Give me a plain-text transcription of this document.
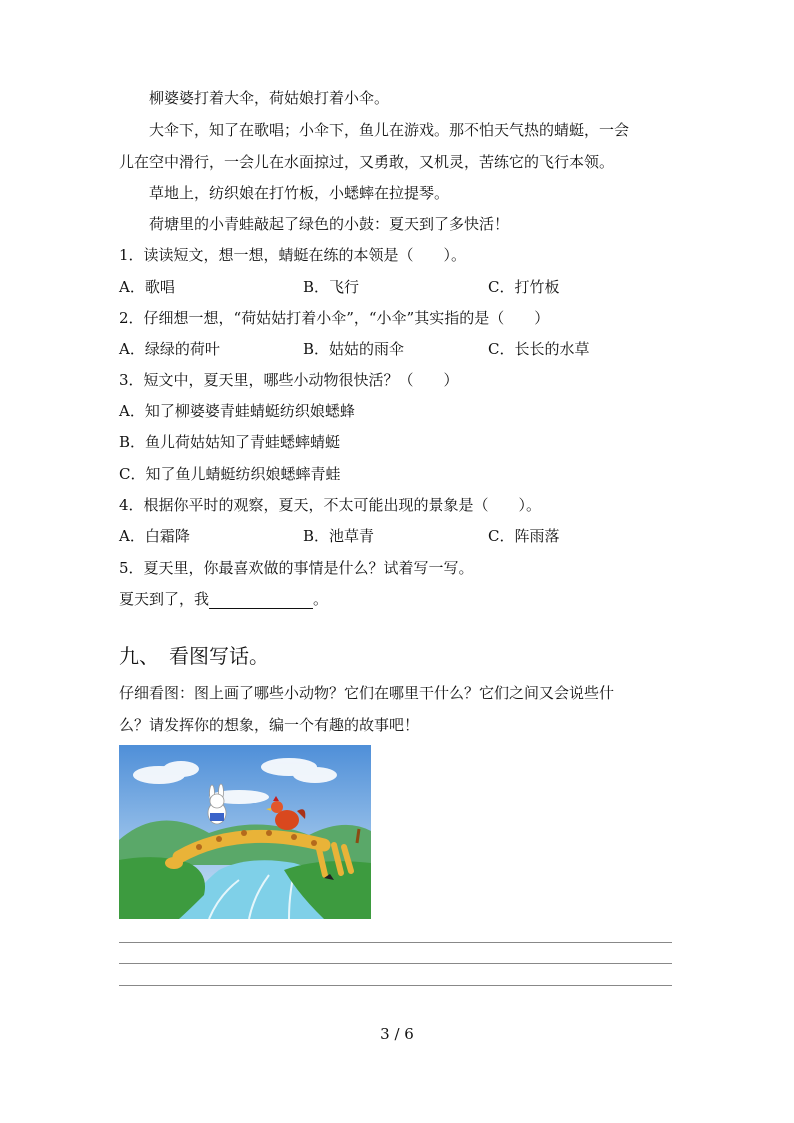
柳婆婆打着大伞，荷姑娘打着小伞。
大伞下，知了在歌唱；小伞下，鱼儿在游戏。那不怕天气热的蜻蜓，一会
儿在空中滑行，一会儿在水面掠过，又勇敢，又机灵，苦练它的飞行本领。
草地上，纺织娘在打竹板，小蟋蟀在拉提琴。
荷塘里的小青蛙敲起了绿色的小鼓：夏天到了多快活！
1．读读短文，想一想，蜻蜓在练的本领是（　　）。
A．歌唱	B．飞行	C．打竹板
2．仔细想一想，“荷姑姑打着小伞”，“小伞”其实指的是（　　）
A．绿绿的荷叶	B．姑姑的雨伞	C．长长的水草
3．短文中，夏天里，哪些小动物很快活？（　　）
A．知了柳婆婆青蛙蜻蜓纺织娘蟋蜂
B．鱼儿荷姑姑知了青蛙蟋蟀蜻蜓
C．知了鱼儿蜻蜓纺织娘蟋蟀青蛙
4．根据你平时的观察，夏天，不太可能出现的景象是（　　）。
A．白霜降	B．池草青	C．阵雨落
5．夏天里，你最喜欢做的事情是什么？试着写一写。
夏天到了，我	。
九、　看图写话。
仔细看图：图上画了哪些小动物？它们在哪里干什么？它们之间又会说些什
么？请发挥你的想象，编一个有趣的故事吧！
3 / 6
